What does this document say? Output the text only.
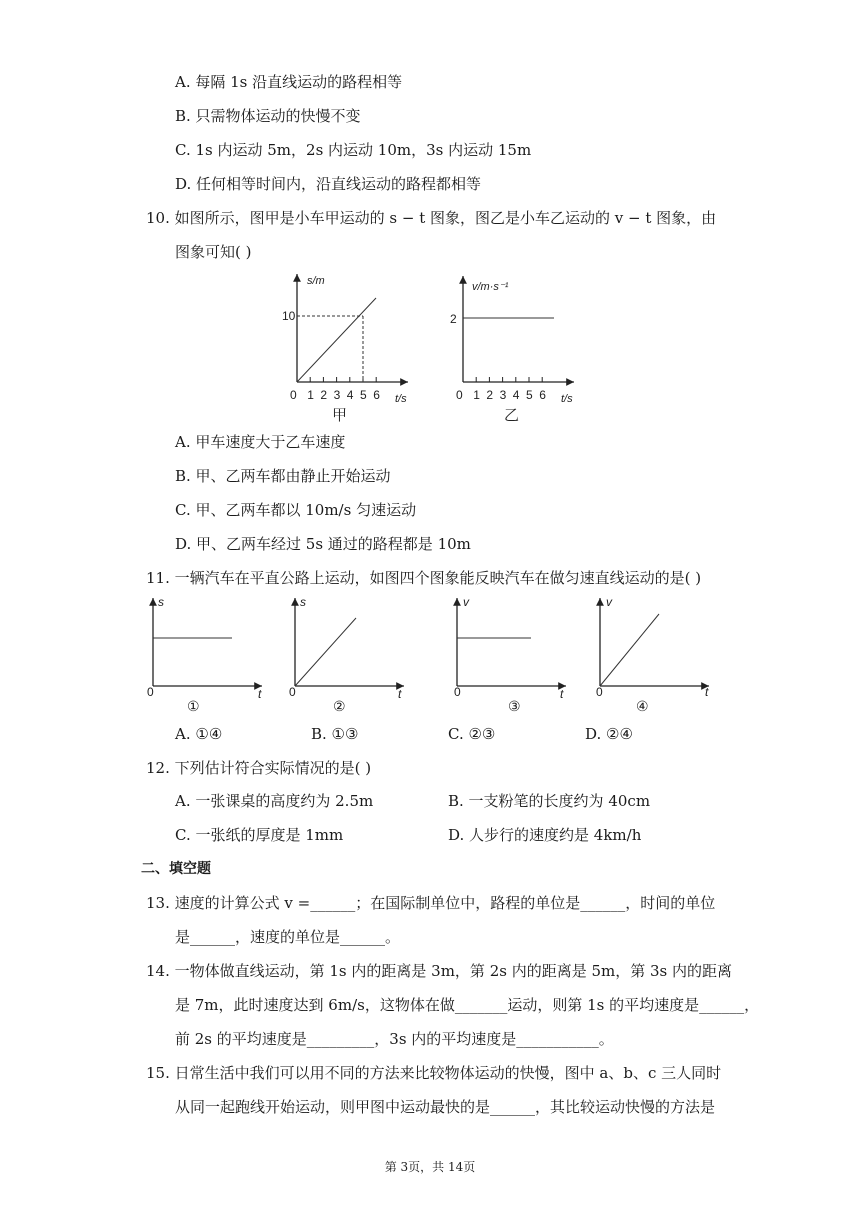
A. 每隔 1s 沿直线运动的路程相等
B. 只需物体运动的快慢不变
C. 1s 内运动 5m，2s 内运动 10m，3s 内运动 15m
D. 任何相等时间内，沿直线运动的路程都相等
10. 如图所示，图甲是小车甲运动的 s − t 图象，图乙是小车乙运动的 v − t 图象，由
图象可知( )
s/m
10
0 1 2 3 4 5 6 t/s
甲
v/m·s⁻¹
2
0 1 2 3 4 5 6 t/s
乙
A. 甲车速度大于乙车速度
B. 甲、乙两车都由静止开始运动
C. 甲、乙两车都以 10m/s 匀速运动
D. 甲、乙两车经过 5s 通过的路程都是 10m
11. 一辆汽车在平直公路上运动，如图四个图象能反映汽车在做匀速直线运动的是( )
s
0	t
①
s
0	t
②
v
0	t
③
v
0	t
④
A. ①④	B. ①③	C. ②③	D. ②④
12. 下列估计符合实际情况的是( )
A. 一张课桌的高度约为 2.5m	B. 一支粉笔的长度约为 40cm
C. 一张纸的厚度是 1mm	D. 人步行的速度约是 4km/h
二、填空题
13. 速度的计算公式 v =______；在国际制单位中，路程的单位是______，时间的单位
是______，速度的单位是______。
14. 一物体做直线运动，第 1s 内的距离是 3m，第 2s 内的距离是 5m，第 3s 内的距离
是 7m，此时速度达到 6m/s，这物体在做_______运动，则第 1s 的平均速度是______，
前 2s 的平均速度是_________，3s 内的平均速度是___________。
15. 日常生活中我们可以用不同的方法来比较物体运动的快慢，图中 a、b、c 三人同时
从同一起跑线开始运动，则甲图中运动最快的是______，其比较运动快慢的方法是
第 3页，共 14页
